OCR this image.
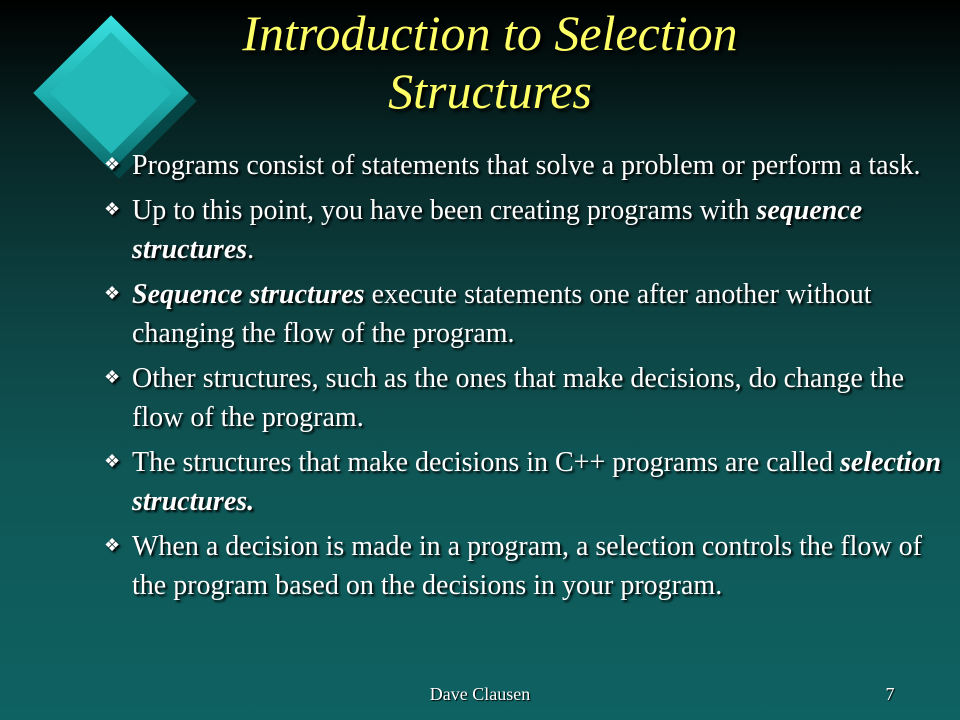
Introduction to Selection
Structures
❖ Programs consist of statements that solve a problem or perform a task.
❖ Up to this point, you have been creating programs with sequence structures.
❖ Sequence structures execute statements one after another without changing the flow of the program.
❖ Other structures, such as the ones that make decisions, do change the flow of the program.
❖ The structures that make decisions in C++ programs are called selection structures.
❖ When a decision is made in a program, a selection controls the flow of the program based on the decisions in your program.
Dave Clausen	7
